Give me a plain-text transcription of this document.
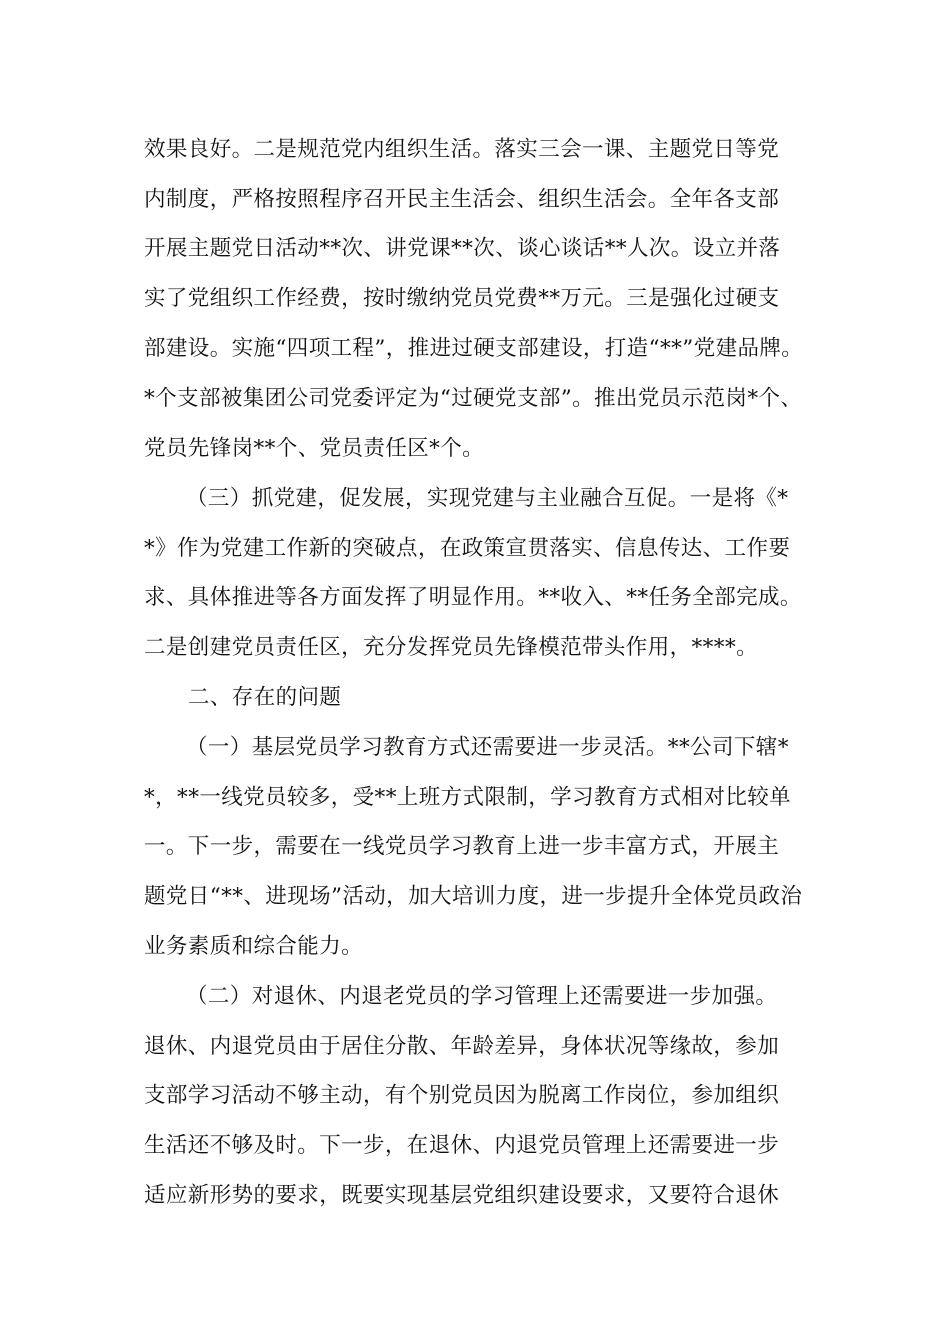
效果良好。二是规范党内组织生活。落实三会一课、主题党日等党
内制度，严格按照程序召开民主生活会、组织生活会。全年各支部
开展主题党日活动**次、讲党课**次、谈心谈话**人次。设立并落
实了党组织工作经费，按时缴纳党员党费**万元。三是强化过硬支
部建设。实施“四项工程”，推进过硬支部建设，打造“**”党建品牌。
*个支部被集团公司党委评定为“过硬党支部”。推出党员示范岗*个、
党员先锋岗**个、党员责任区*个。
（三）抓党建，促发展，实现党建与主业融合互促。一是将《*
*》作为党建工作新的突破点，在政策宣贯落实、信息传达、工作要
求、具体推进等各方面发挥了明显作用。**收入、**任务全部完成。
二是创建党员责任区，充分发挥党员先锋模范带头作用，****。
二、存在的问题
（一）基层党员学习教育方式还需要进一步灵活。**公司下辖*
*，**一线党员较多，受**上班方式限制，学习教育方式相对比较单
一。下一步，需要在一线党员学习教育上进一步丰富方式，开展主
题党日“**、进现场”活动，加大培训力度，进一步提升全体党员政治
业务素质和综合能力。
（二）对退休、内退老党员的学习管理上还需要进一步加强。
退休、内退党员由于居住分散、年龄差异，身体状况等缘故，参加
支部学习活动不够主动，有个别党员因为脱离工作岗位，参加组织
生活还不够及时。下一步，在退休、内退党员管理上还需要进一步
适应新形势的要求，既要实现基层党组织建设要求，又要符合退休
